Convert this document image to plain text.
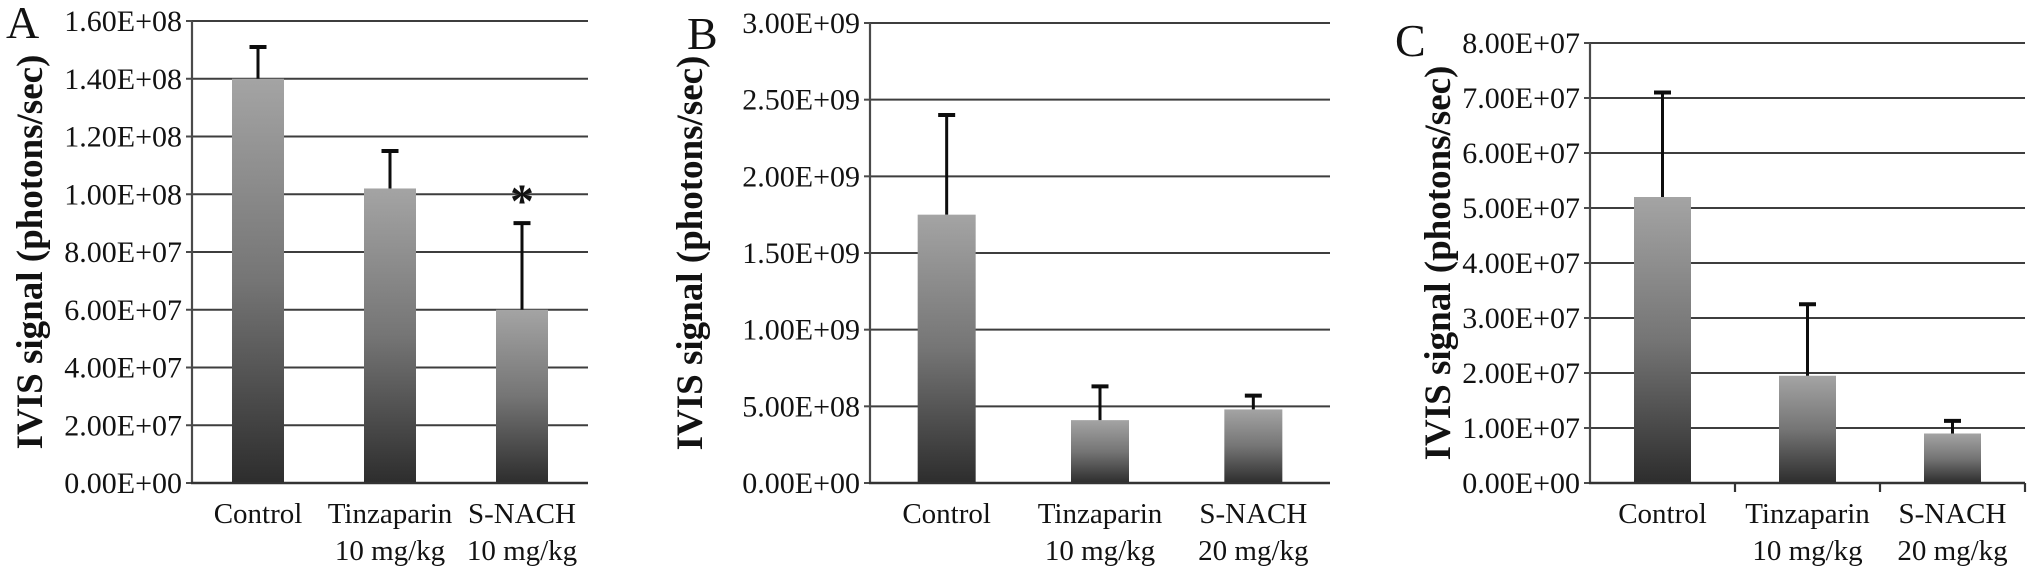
A
IVIS signal (photons/sec)
0.00E+00
2.00E+07
4.00E+07
6.00E+07
8.00E+07
1.00E+08
1.20E+08
1.40E+08
1.60E+08
Control Tinzaparin
10 mg/kg
S-NACH
10 mg/kg
*
B
IVIS signal (photons/sec)
0.00E+00
5.00E+08
1.00E+09
1.50E+09
2.00E+09
2.50E+09
3.00E+09
Control Tinzaparin
10 mg/kg
S-NACH
20 mg/kg
C
IVIS signal (photons/sec)
0.00E+00
1.00E+07
2.00E+07
3.00E+07
4.00E+07
5.00E+07
6.00E+07
7.00E+07
8.00E+07
Control Tinzaparin
10 mg/kg
S-NACH
20 mg/kg
